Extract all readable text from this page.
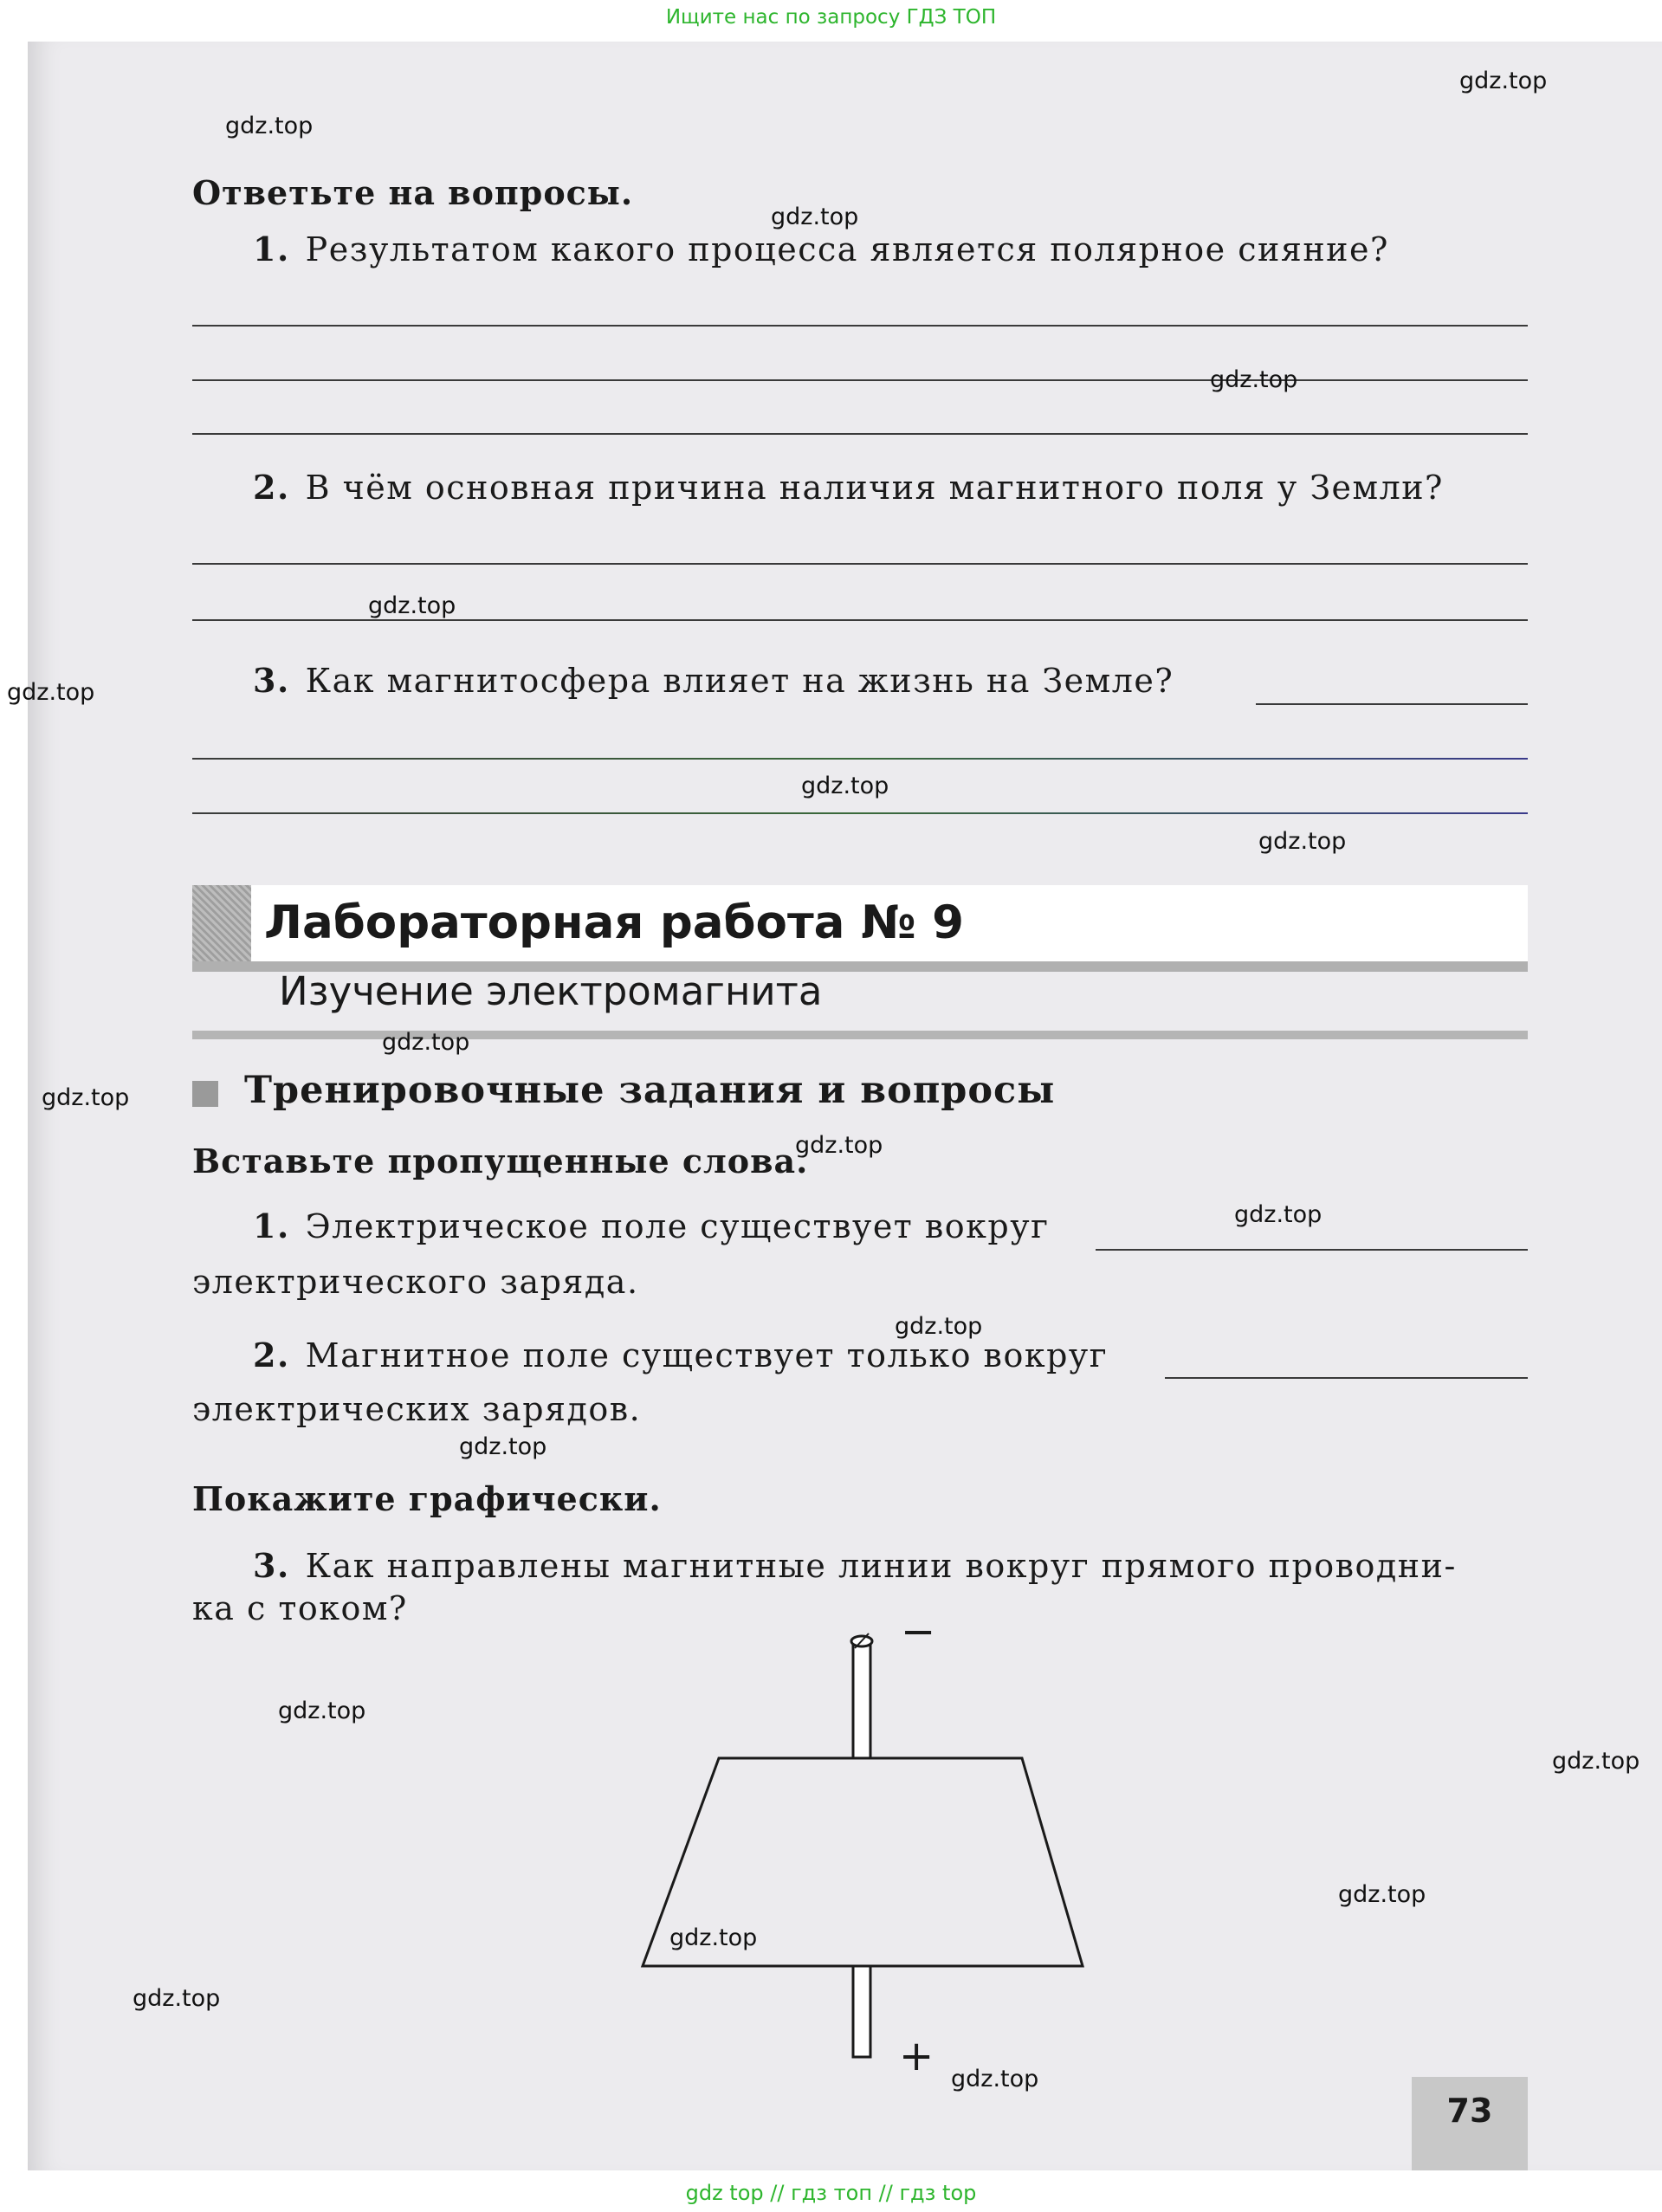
Ищите нас по запросу ГДЗ ТОП
Ответьте на вопросы.
1. Результатом какого процесса является полярное сияние?
2. В чём основная причина наличия магнитного поля у Земли?
3. Как магнитосфера влияет на жизнь на Земле?
Лабораторная работа № 9
Изучение электромагнита
Тренировочные задания и вопросы
Вставьте пропущенные слова.
1. Электрическое поле существует вокруг
электрического заряда.
2. Магнитное поле существует только вокруг
электрических зарядов.
Покажите графически.
3. Как направлены магнитные линии вокруг прямого проводни-
ка с током?	−
+
73
gdz.top
gdz.top
gdz.top
gdz.top
gdz.top
gdz.top
gdz.top
gdz.top
gdz.top
gdz.top
gdz.top
gdz.top
gdz.top
gdz.top
gdz.top
gdz.top
gdz.top
gdz.top
gdz.top
gdz.top
gdz top // гдз топ // гдз top
